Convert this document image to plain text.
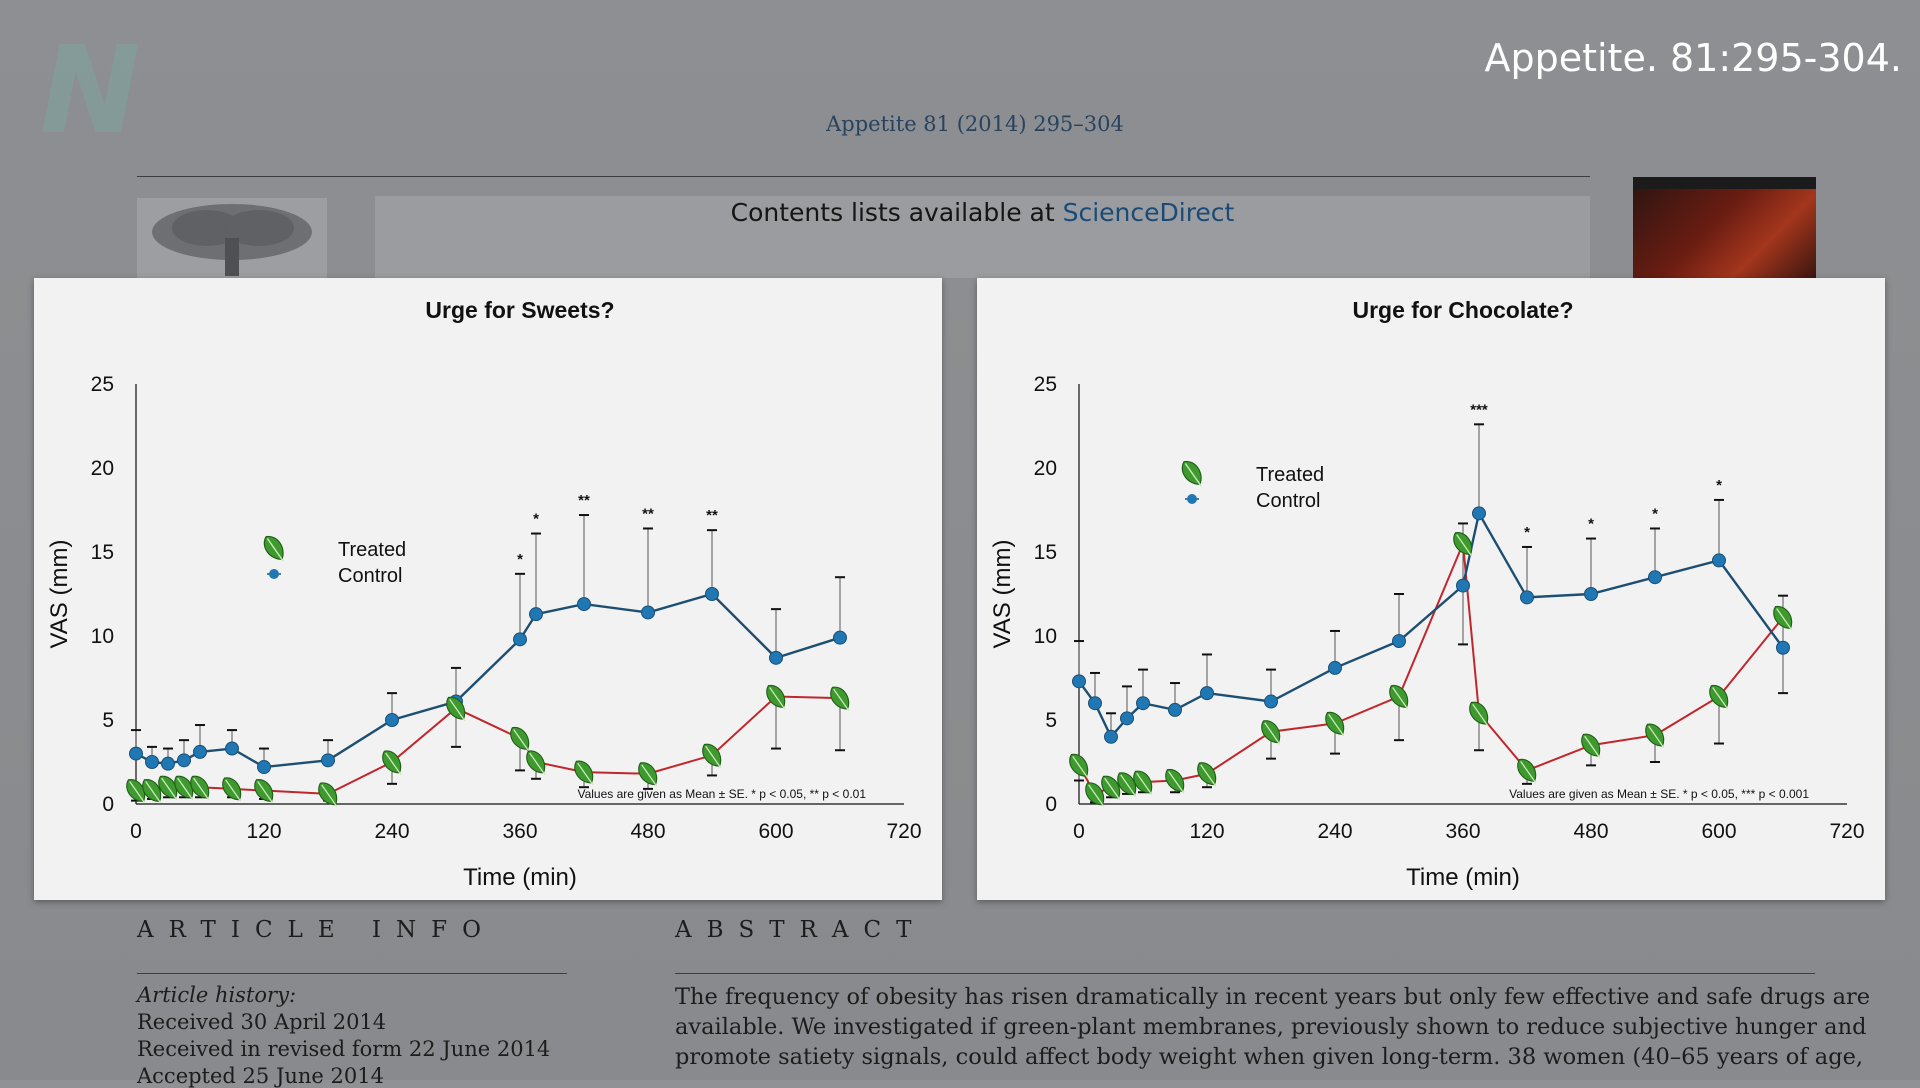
N	Appetite. 81:295-304.
Appetite 81 (2014) 295–304
Contents lists available at ScienceDirect
ARTICLE INFO	ABSTRACT
Article history:
Received 30 April 2014
Received in revised form 22 June 2014
Accepted 25 June 2014
The frequency of obesity has risen dramatically in recent years but only few effective and safe drugs are
available. We investigated if green-plant membranes, previously shown to reduce subjective hunger and
promote satiety signals, could affect body weight when given long-term. 38 women (40–65 years of age,
Urge for Sweets?
0	120	240	360	480	600	720
0
5
10
15
20
25
Time (min)
VAS (mm)	*
*
**
**	**
Treated
Control
Values are given as Mean ± SE. * p < 0.05, ** p < 0.01
Urge for Chocolate?
0	120	240	360	480	600	720
0
5
10
15
20
25
Time (min)
VAS (mm)
***
*	*
*
*
Treated
Control
Values are given as Mean ± SE. * p < 0.05, *** p < 0.001
